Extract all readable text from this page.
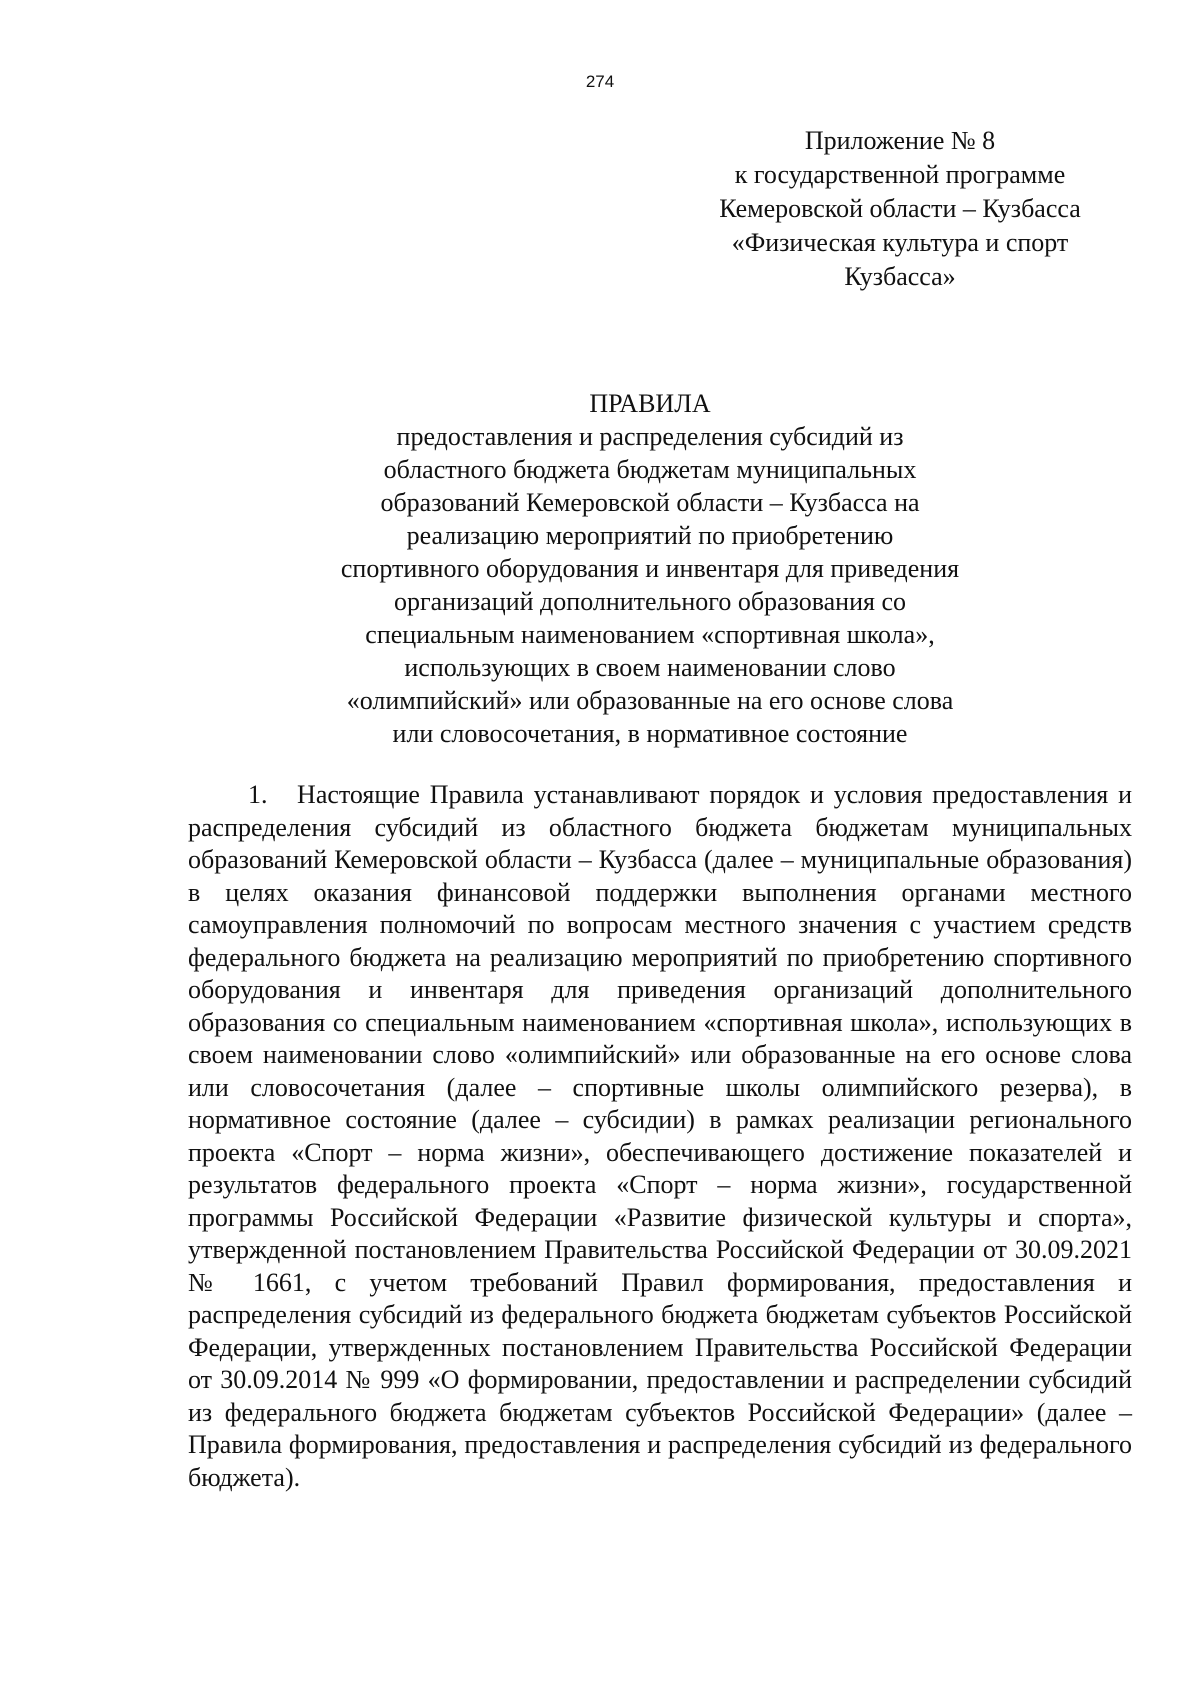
274
Приложение № 8
к государственной программе
Кемеровской области – Кузбасса
«Физическая культура и спорт
Кузбасса»
ПРАВИЛА
предоставления и распределения субсидий из
областного бюджета бюджетам муниципальных
образований Кемеровской области – Кузбасса на
реализацию мероприятий по приобретению
спортивного оборудования и инвентаря для приведения
организаций дополнительного образования со
специальным наименованием «спортивная школа»,
использующих в своем наименовании слово
«олимпийский» или образованные на его основе слова
или словосочетания, в нормативное состояние

1.   Настоящие Правила устанавливают порядок и условия предоставления и распределения субсидий из областного бюджета бюджетам муниципальных образований Кемеровской области – Кузбасса (далее – муниципальные образования) в целях оказания финансовой поддержки выполнения органами местного самоуправления полномочий по вопросам местного значения с участием средств федерального бюджета на реализацию мероприятий по приобретению спортивного оборудования и инвентаря для приведения организаций дополнительного образования со специальным наименованием «спортивная школа», использующих в своем наименовании слово «олимпийский» или образованные на его основе слова или словосочетания (далее – спортивные школы олимпийского резерва), в нормативное состояние (далее – субсидии) в рамках реализации регионального проекта «Спорт – норма жизни», обеспечивающего достижение показателей и результатов федерального проекта «Спорт – норма жизни», государственной программы Российской Федерации «Развитие физической культуры и спорта», утвержденной постановлением Правительства Российской Федерации от 30.09.2021 № 1661, с учетом требований Правил формирования, предоставления и распределения субсидий из федерального бюджета бюджетам субъектов Российской Федерации, утвержденных постановлением Правительства Российской Федерации от 30.09.2014 № 999 «О формировании, предоставлении и распределении субсидий из федерального бюджета бюджетам субъектов Российской Федерации» (далее – Правила формирования, предоставления и распределения субсидий из федерального бюджета).
